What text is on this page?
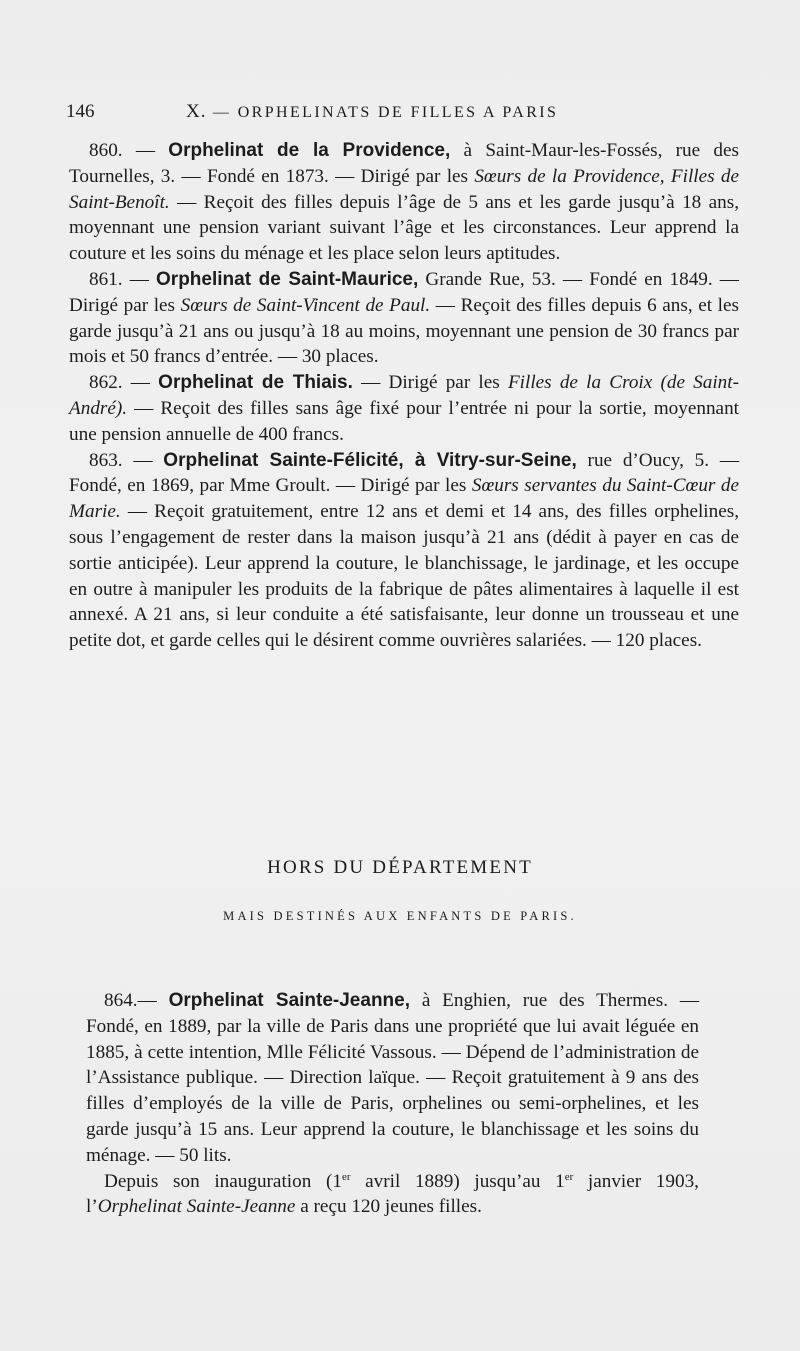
146	X. — ORPHELINATS DE FILLES A PARIS

860. — Orphelinat de la Providence, à Saint-Maur-les-Fossés, rue des Tournelles, 3. — Fondé en 1873. — Dirigé par les Sœurs de la Providence, Filles de Saint-Benoît. — Reçoit des filles depuis l’âge de 5 ans et les garde jusqu’à 18 ans, moyennant une pension variant suivant l’âge et les circonstances. Leur apprend la couture et les soins du ménage et les place selon leurs aptitudes.

861. — Orphelinat de Saint-Maurice, Grande Rue, 53. — Fondé en 1849. — Dirigé par les Sœurs de Saint-Vincent de Paul. — Reçoit des filles depuis 6 ans, et les garde jusqu’à 21 ans ou jusqu’à 18 au moins, moyennant une pension de 30 francs par mois et 50 francs d’entrée. — 30 places.

862. — Orphelinat de Thiais. — Dirigé par les Filles de la Croix (de Saint-André). — Reçoit des filles sans âge fixé pour l’entrée ni pour la sortie, moyennant une pension annuelle de 400 francs.

863. — Orphelinat Sainte-Félicité, à Vitry-sur-Seine, rue d’Oucy, 5. — Fondé, en 1869, par Mme Groult. — Dirigé par les Sœurs servantes du Saint-Cœur de Marie. — Reçoit gratuitement, entre 12 ans et demi et 14 ans, des filles orphelines, sous l’engagement de rester dans la maison jusqu’à 21 ans (dédit à payer en cas de sortie anticipée). Leur apprend la couture, le blanchissage, le jardinage, et les occupe en outre à manipuler les produits de la fabrique de pâtes alimentaires à laquelle il est annexé. A 21 ans, si leur conduite a été satisfaisante, leur donne un trousseau et une petite dot, et garde celles qui le désirent comme ouvrières salariées. — 120 places.

HORS DU DÉPARTEMENT
MAIS DESTINÉS AUX ENFANTS DE PARIS.

864.— Orphelinat Sainte-Jeanne, à Enghien, rue des Thermes. — Fondé, en 1889, par la ville de Paris dans une propriété que lui avait léguée en 1885, à cette intention, Mlle Félicité Vassous. — Dépend de l’administration de l’Assistance publique. — Direction laïque. — Reçoit gratuitement à 9 ans des filles d’employés de la ville de Paris, orphelines ou semi-orphelines, et les garde jusqu’à 15 ans. Leur apprend la couture, le blanchissage et les soins du ménage. — 50 lits.

Depuis son inauguration (1er avril 1889) jusqu’au 1er janvier 1903, l’Orphelinat Sainte-Jeanne a reçu 120 jeunes filles.
